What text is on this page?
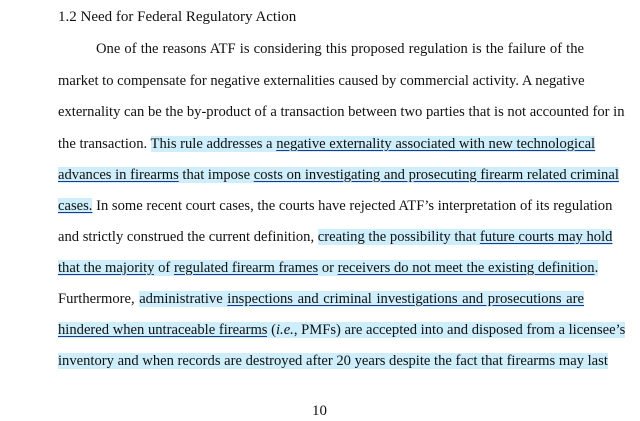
1.2 Need for Federal Regulatory Action
One of the reasons ATF is considering this proposed regulation is the failure of the
market to compensate for negative externalities caused by commercial activity. A negative
externality can be the by-product of a transaction between two parties that is not accounted for in
the transaction. This rule addresses a negative externality associated with new technological
advances in firearms that impose costs on investigating and prosecuting firearm related criminal
cases. In some recent court cases, the courts have rejected ATF’s interpretation of its regulation
and strictly construed the current definition, creating the possibility that future courts may hold
that the majority of regulated firearm frames or receivers do not meet the existing definition.
Furthermore, administrative inspections and criminal investigations and prosecutions are
hindered when untraceable firearms (i.e., PMFs) are accepted into and disposed from a licensee’s
inventory and when records are destroyed after 20 years despite the fact that firearms may last
10
